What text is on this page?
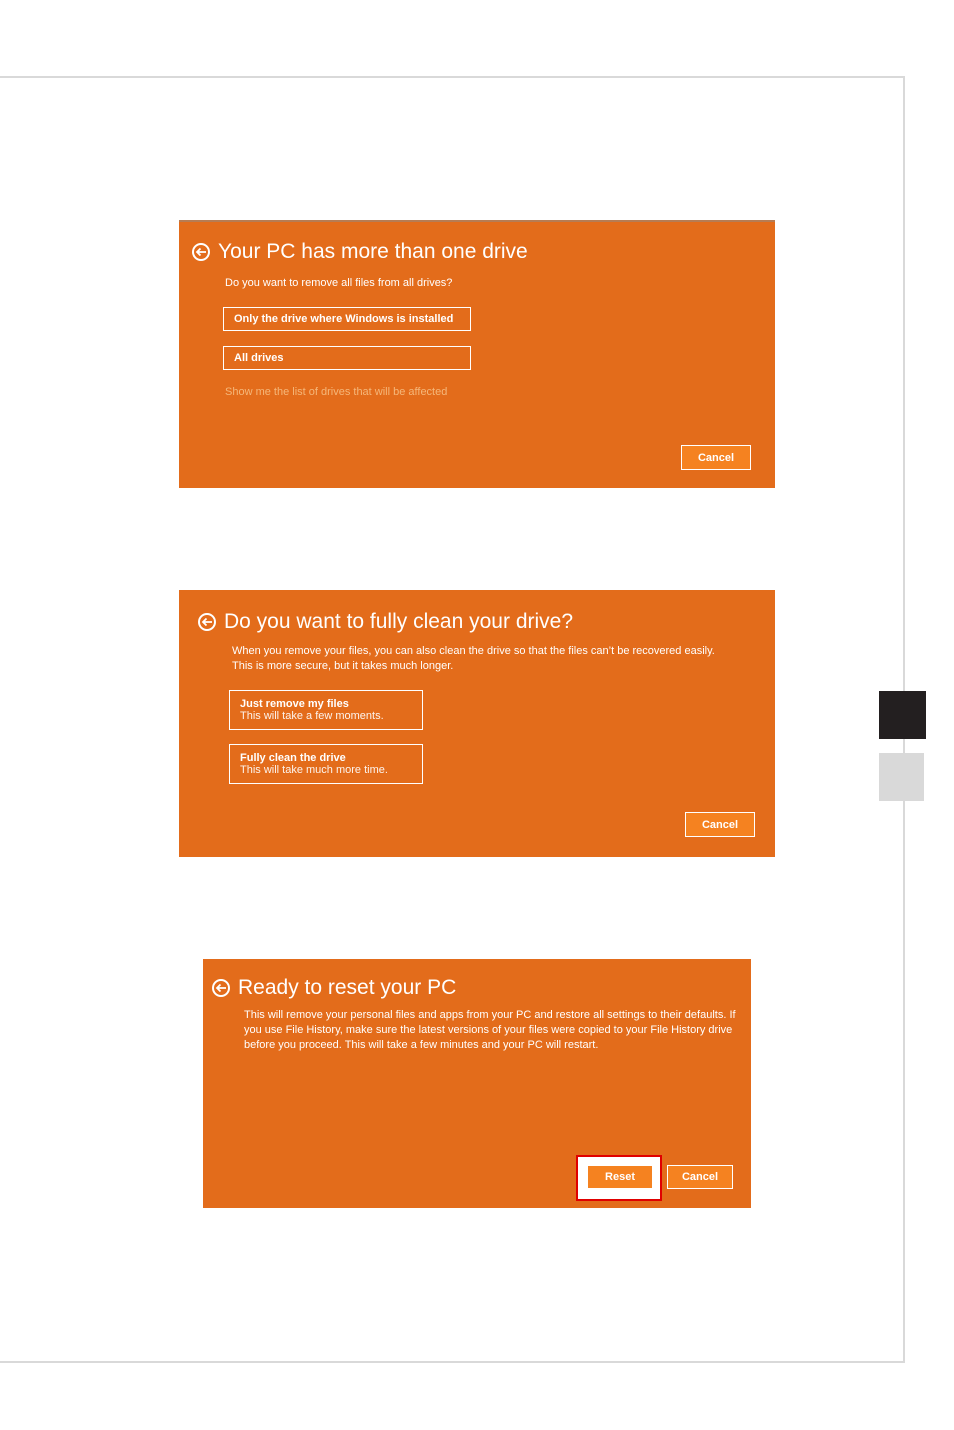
Your PC has more than one drive
Do you want to remove all files from all drives?
Only the drive where Windows is installed
All drives
Show me the list of drives that will be affected
Cancel
Do you want to fully clean your drive?
When you remove your files, you can also clean the drive so that the files can’t be recovered easily.
This is more secure, but it takes much longer.
Just remove my files
This will take a few moments.
Fully clean the drive
This will take much more time.
Cancel
Ready to reset your PC
This will remove your personal files and apps from your PC and restore all settings to their defaults. If
you use File History, make sure the latest versions of your files were copied to your File History drive
before you proceed. This will take a few minutes and your PC will restart.
Reset	Cancel
